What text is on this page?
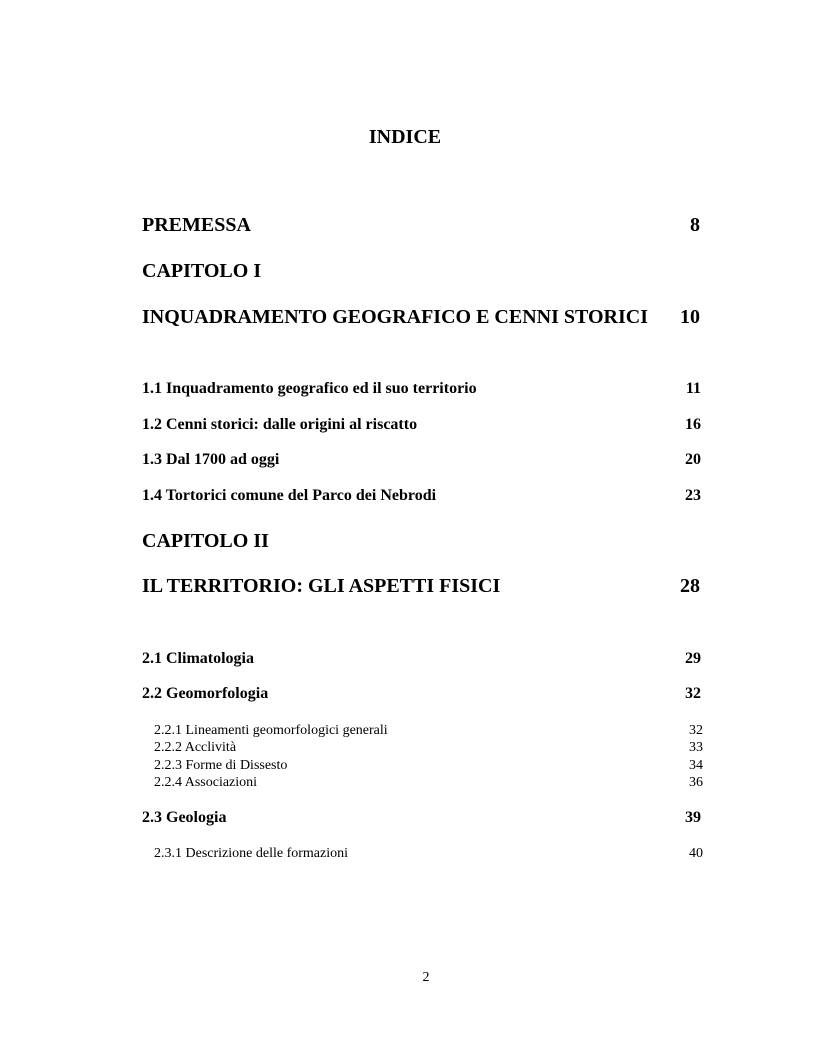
INDICE
PREMESSA	8
CAPITOLO I
INQUADRAMENTO GEOGRAFICO E CENNI STORICI 10
1.1 Inquadramento geografico ed il suo territorio	11
1.2 Cenni storici: dalle origini al riscatto	16
1.3 Dal 1700 ad oggi	20
1.4 Tortorici comune del Parco dei Nebrodi	23
CAPITOLO II
IL TERRITORIO: GLI ASPETTI FISICI	28
2.1 Climatologia	29
2.2 Geomorfologia	32
2.2.1 Lineamenti geomorfologici generali	32
2.2.2 Acclività	33
2.2.3 Forme di Dissesto	34
2.2.4 Associazioni	36
2.3 Geologia	39
2.3.1 Descrizione delle formazioni	40
2
